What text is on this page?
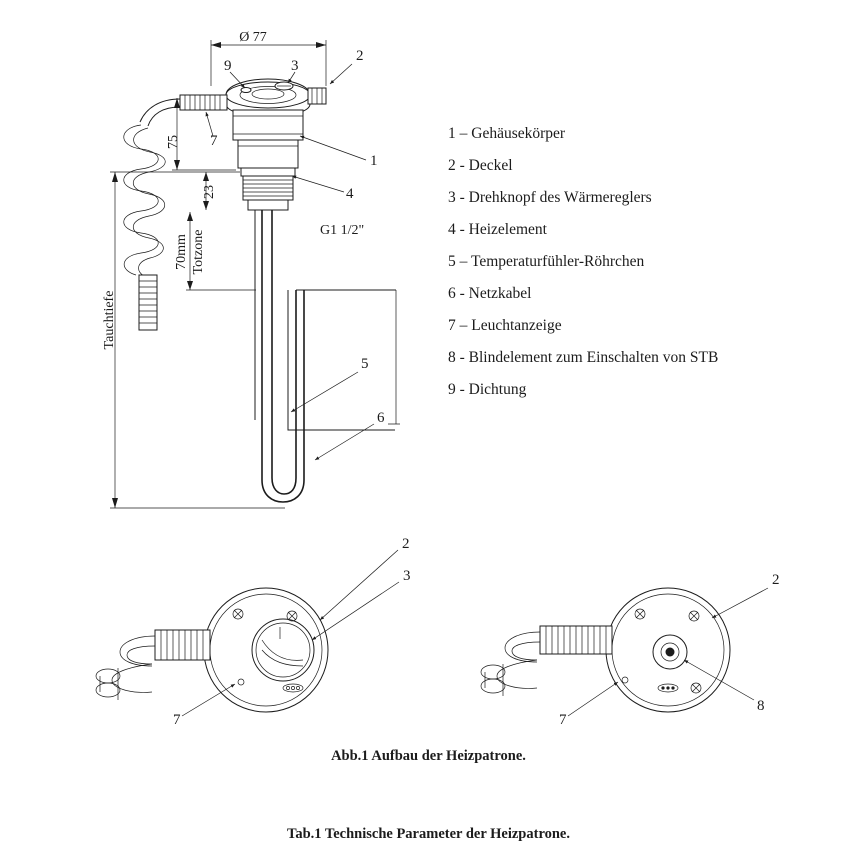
Ø 77
75
23
70mm Totzone
Tauchtiefe
G1 1/2"
2
9	3
7
1
4
5
6
2
3
7
2
8
7
1 – Gehäusekörper
2 - Deckel
3 - Drehknopf des Wärmereglers
4 - Heizelement
5 – Temperaturfühler-Röhrchen
6 - Netzkabel
7 – Leuchtanzeige
8 - Blindelement zum Einschalten von STB
9 - Dichtung
Abb.1 Aufbau der Heizpatrone.
Tab.1 Technische Parameter der Heizpatrone.
